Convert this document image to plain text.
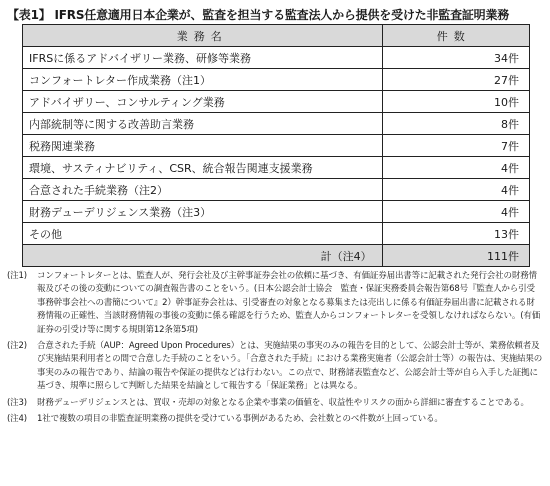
【表1】 IFRS任意適用日本企業が、監査を担当する監査法人から提供を受けた非監査証明業務
業務名	件数
IFRSに係るアドバイザリー業務、研修等業務	34件
コンフォートレター作成業務（注1）	27件
アドバイザリー、コンサルティング業務	10件
内部統制等に関する改善助言業務	8件
税務関連業務	7件
環境、サスティナビリティ、CSR、統合報告関連支援業務	4件
合意された手続業務（注2）	4件
財務デューデリジェンス業務（注3）	4件
その他	13件
計（注4）	111件
(注1)	コンフォートレターとは、監査人が、発行会社及び主幹事証券会社の依頼に基づき、有価証券届出書等に記載された発行会社の財務情報及びその後の変動についての調査報告書のことをいう。(日本公認会計士協会　監査・保証実務委員会報告第68号『監査人から引受事務幹事会社への書簡について』2）幹事証券会社は、引受審査の対象となる募集または売出しに係る有価証券届出書に記載される財務情報の正確性、当該財務情報の事後の変動に係る確認を行うため、監査人からコンフォートレターを受領しなければならない。(有価証券の引受け等に関する規則第12条第5項)
(注2)	合意された手続（AUP：Agreed Upon Procedures）とは、実施結果の事実のみの報告を目的として、公認会計士等が、業務依頼者及び実施結果利用者との間で合意した手続のことをいう。「合意された手続」における業務実施者（公認会計士等）の報告は、実施結果の事実のみの報告であり、結論の報告や保証の提供などは行わない。この点で、財務諸表監査など、公認会計士等が自ら入手した証拠に基づき、規準に照らして判断した結果を結論として報告する「保証業務」とは異なる。
(注3)	財務デューデリジェンスとは、買収・売却の対象となる企業や事業の価値を、収益性やリスクの面から詳細に審査することである。
(注4)	1社で複数の項目の非監査証明業務の提供を受けている事例があるため、会社数とのべ件数が上回っている。
